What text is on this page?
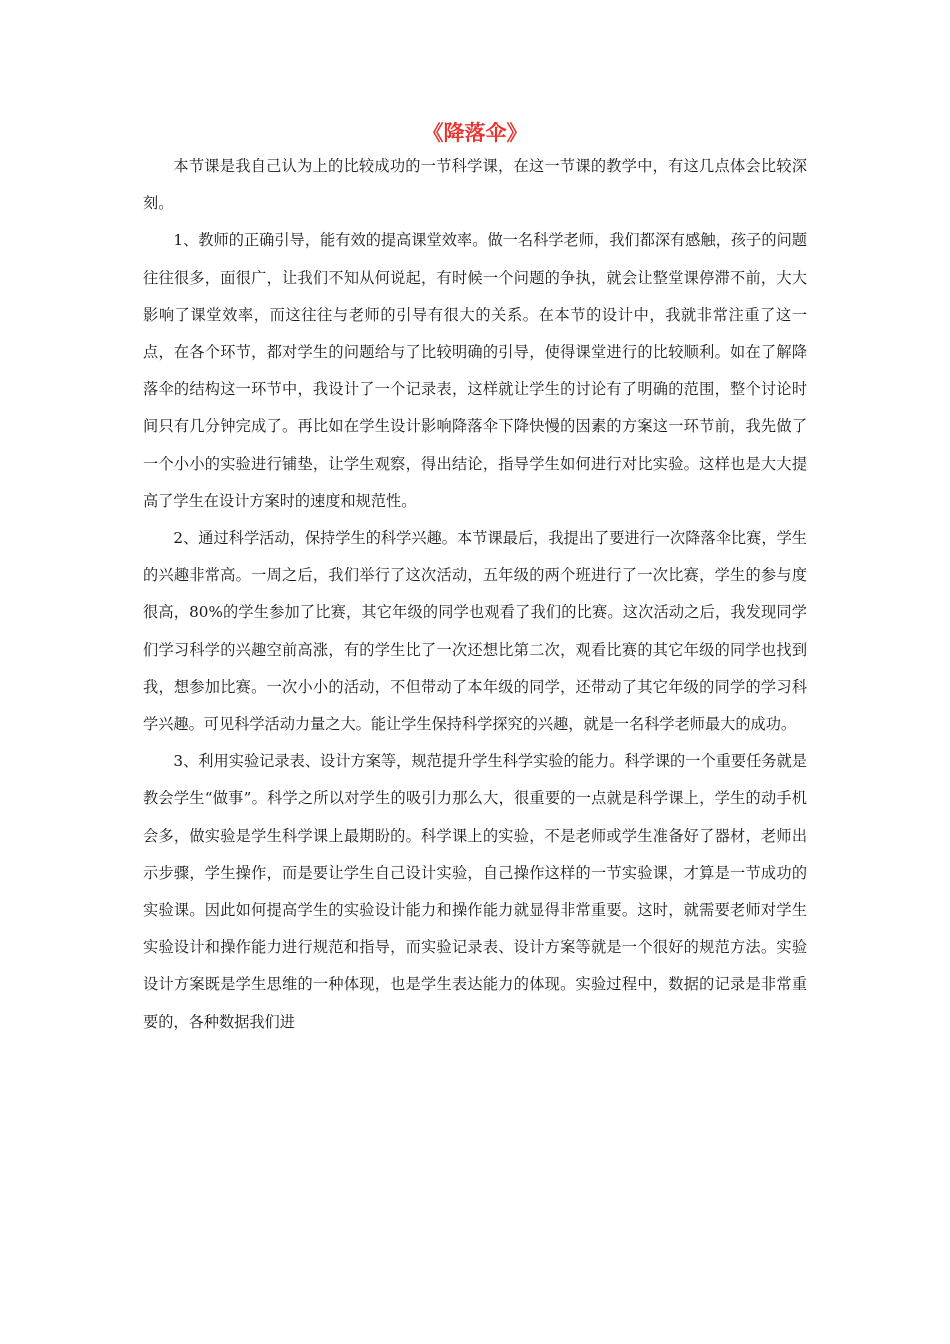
《降落伞》

本节课是我自己认为上的比较成功的一节科学课，在这一节课的教学中，有这几点体会比较深刻。

1、教师的正确引导，能有效的提高课堂效率。做一名科学老师，我们都深有感触，孩子的问题往往很多，面很广，让我们不知从何说起，有时候一个问题的争执，就会让整堂课停滞不前，大大影响了课堂效率，而这往往与老师的引导有很大的关系。在本节的设计中，我就非常注重了这一点，在各个环节，都对学生的问题给与了比较明确的引导，使得课堂进行的比较顺利。如在了解降落伞的结构这一环节中，我设计了一个记录表，这样就让学生的讨论有了明确的范围，整个讨论时间只有几分钟完成了。再比如在学生设计影响降落伞下降快慢的因素的方案这一环节前，我先做了一个小小的实验进行铺垫，让学生观察，得出结论，指导学生如何进行对比实验。这样也是大大提高了学生在设计方案时的速度和规范性。

2、通过科学活动，保持学生的科学兴趣。本节课最后，我提出了要进行一次降落伞比赛，学生的兴趣非常高。一周之后，我们举行了这次活动，五年级的两个班进行了一次比赛，学生的参与度很高，80%的学生参加了比赛，其它年级的同学也观看了我们的比赛。这次活动之后，我发现同学们学习科学的兴趣空前高涨，有的学生比了一次还想比第二次，观看比赛的其它年级的同学也找到我，想参加比赛。一次小小的活动，不但带动了本年级的同学，还带动了其它年级的同学的学习科学兴趣。可见科学活动力量之大。能让学生保持科学探究的兴趣，就是一名科学老师最大的成功。

3、利用实验记录表、设计方案等，规范提升学生科学实验的能力。科学课的一个重要任务就是教会学生“做事”。科学之所以对学生的吸引力那么大，很重要的一点就是科学课上，学生的动手机会多，做实验是学生科学课上最期盼的。科学课上的实验，不是老师或学生准备好了器材，老师出示步骤，学生操作，而是要让学生自己设计实验，自己操作这样的一节实验课，才算是一节成功的实验课。因此如何提高学生的实验设计能力和操作能力就显得非常重要。这时，就需要老师对学生实验设计和操作能力进行规范和指导，而实验记录表、设计方案等就是一个很好的规范方法。实验设计方案既是学生思维的一种体现，也是学生表达能力的体现。实验过程中，数据的记录是非常重要的，各种数据我们进
